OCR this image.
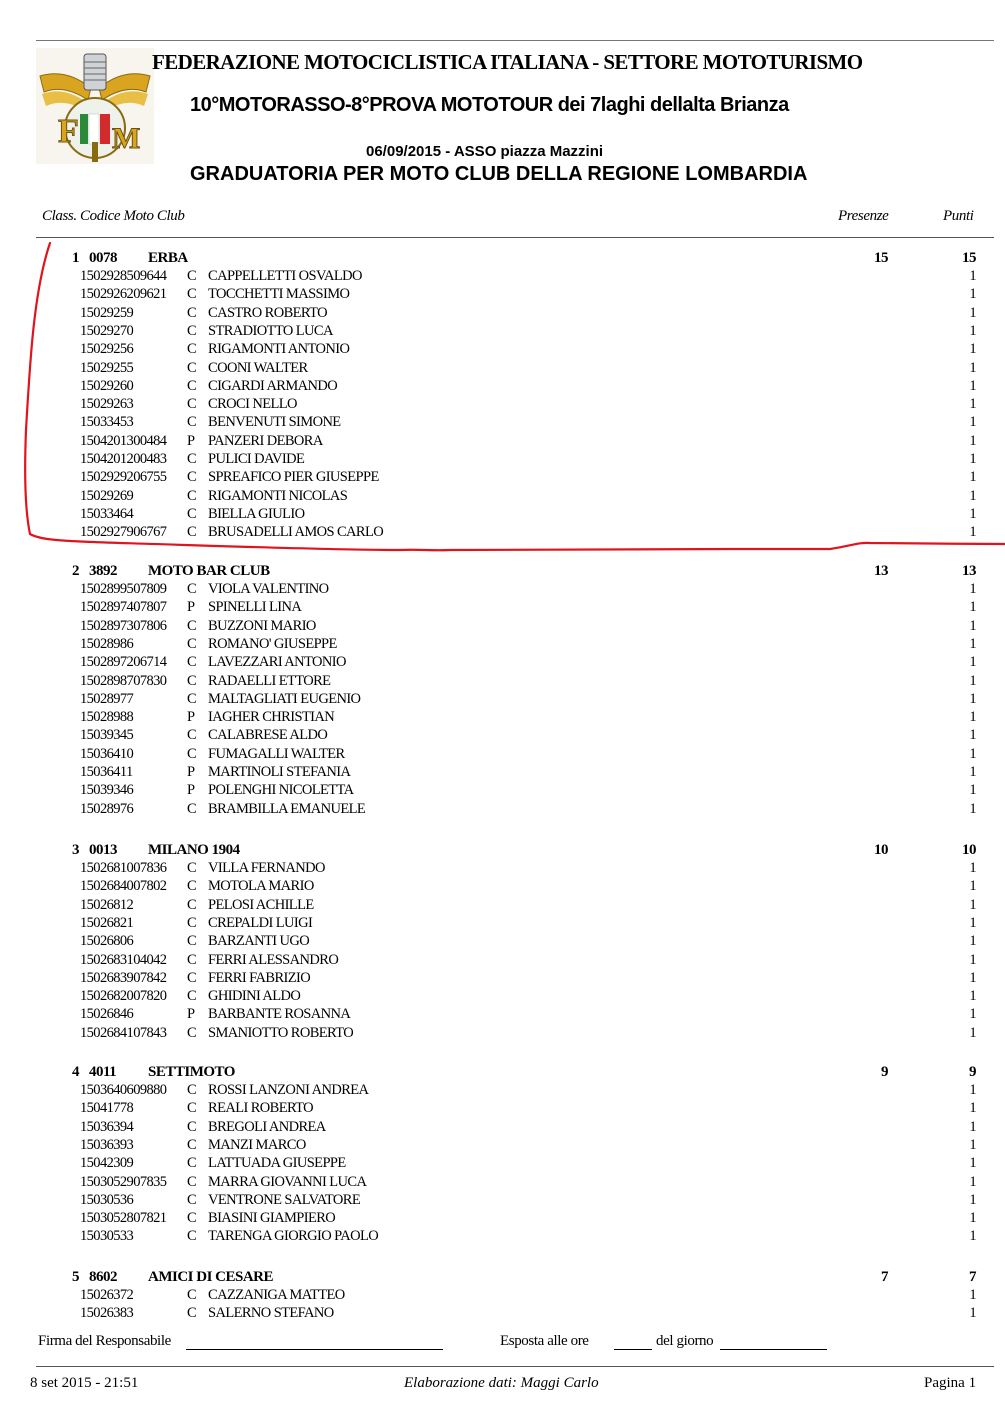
F M
FEDERAZIONE MOTOCICLISTICA ITALIANA - SETTORE MOTOTURISMO
10°MOTORASSO-8°PROVA MOTOTOUR dei 7laghi dellalta Brianza
06/09/2015 - ASSO piazza Mazzini
GRADUATORIA PER MOTO CLUB DELLA REGIONE LOMBARDIA
Class. Codice Moto Club	Presenze	Punti
1 0078 ERBA	15	15
1502928509644 C CAPPELLETTI OSVALDO	1
1502926209621 C TOCCHETTI MASSIMO	1
15029259	C CASTRO ROBERTO	1
15029270	C STRADIOTTO LUCA	1
15029256	C RIGAMONTI ANTONIO	1
15029255	C COONI WALTER	1
15029260	C CIGARDI ARMANDO	1
15029263	C CROCI NELLO	1
15033453	C BENVENUTI SIMONE	1
1504201300484 P PANZERI DEBORA	1
1504201200483 C PULICI DAVIDE	1
1502929206755 C SPREAFICO PIER GIUSEPPE	1
15029269	C RIGAMONTI NICOLAS	1
15033464	C BIELLA GIULIO	1
1502927906767 C BRUSADELLI AMOS CARLO	1
2 3892 MOTO BAR CLUB	13	13
1502899507809 C VIOLA VALENTINO	1
1502897407807 P SPINELLI LINA	1
1502897307806 C BUZZONI MARIO	1
15028986	C ROMANO' GIUSEPPE	1
1502897206714 C LAVEZZARI ANTONIO	1
1502898707830 C RADAELLI ETTORE	1
15028977	C MALTAGLIATI EUGENIO	1
15028988	P IAGHER CHRISTIAN	1
15039345	C CALABRESE ALDO	1
15036410	C FUMAGALLI WALTER	1
15036411	P MARTINOLI STEFANIA	1
15039346	P POLENGHI NICOLETTA	1
15028976	C BRAMBILLA EMANUELE	1
3 0013 MILANO 1904	10	10
1502681007836 C VILLA FERNANDO	1
1502684007802 C MOTOLA MARIO	1
15026812	C PELOSI ACHILLE	1
15026821	C CREPALDI LUIGI	1
15026806	C BARZANTI UGO	1
1502683104042 C FERRI ALESSANDRO	1
1502683907842 C FERRI FABRIZIO	1
1502682007820 C GHIDINI ALDO	1
15026846	P BARBANTE ROSANNA	1
1502684107843 C SMANIOTTO ROBERTO	1
4 4011 SETTIMOTO	9	9
1503640609880 C ROSSI LANZONI ANDREA	1
15041778	C REALI ROBERTO	1
15036394	C BREGOLI ANDREA	1
15036393	C MANZI MARCO	1
15042309	C LATTUADA GIUSEPPE	1
1503052907835 C MARRA GIOVANNI LUCA	1
15030536	C VENTRONE SALVATORE	1
1503052807821 C BIASINI GIAMPIERO	1
15030533	C TARENGA GIORGIO PAOLO	1
5 8602 AMICI DI CESARE	7	7
15026372	C CAZZANIGA MATTEO	1
15026383	C SALERNO STEFANO	1
Firma del Responsabile	Esposta alle ore	del giorno
8 set 2015 - 21:51	Elaborazione dati: Maggi Carlo	Pagina 1
